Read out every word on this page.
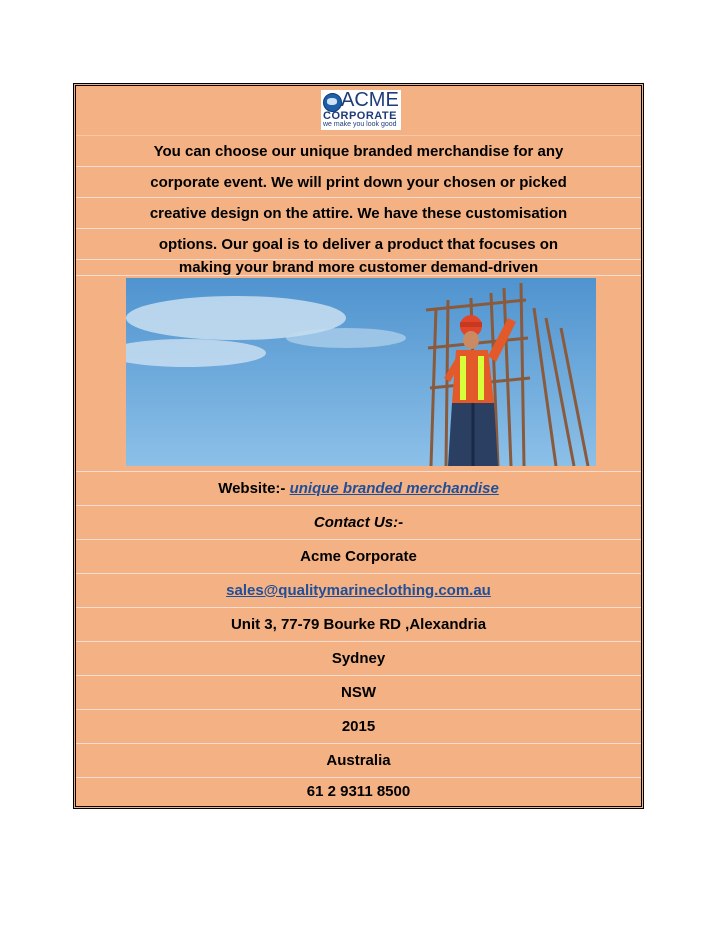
ACME
CORPORATE
we make you look good
You can choose our unique branded merchandise for any
corporate event. We will print down your chosen or picked
creative design on the attire. We have these customisation
options. Our goal is to deliver a product that focuses on
making your brand more customer demand-driven
Website:- unique branded merchandise
Contact Us:-
Acme Corporate
sales@qualitymarineclothing.com.au
Unit 3, 77-79 Bourke RD ,Alexandria
Sydney
NSW
2015
Australia
61 2 9311 8500
